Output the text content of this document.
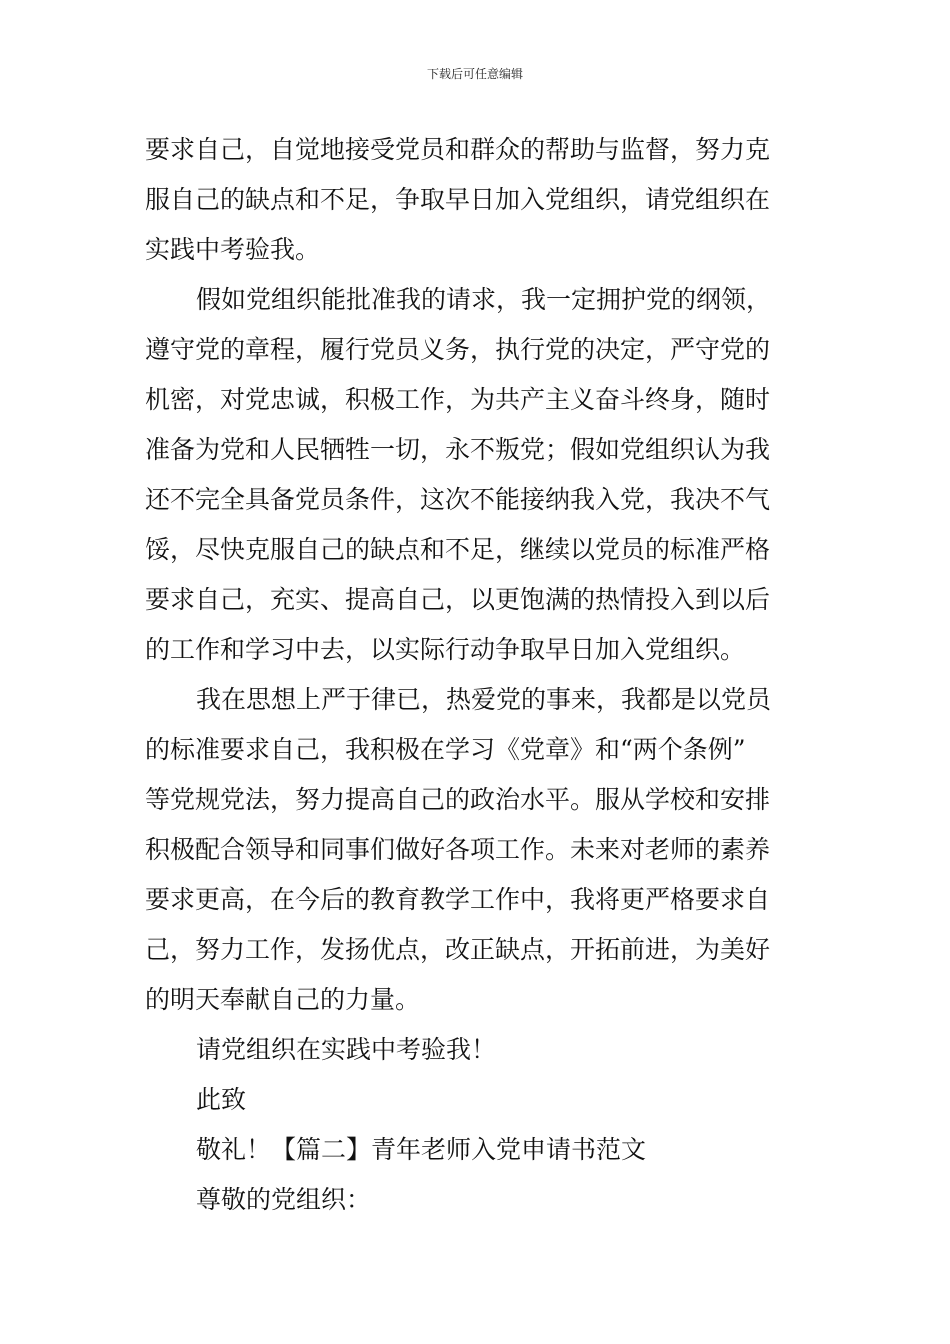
下载后可任意编辑
要求自己，自觉地接受党员和群众的帮助与监督，努力克
服自己的缺点和不足，争取早日加入党组织，请党组织在
实践中考验我。
假如党组织能批准我的请求，我一定拥护党的纲领，
遵守党的章程，履行党员义务，执行党的决定，严守党的
机密，对党忠诚，积极工作，为共产主义奋斗终身，随时
准备为党和人民牺牲一切，永不叛党；假如党组织认为我
还不完全具备党员条件，这次不能接纳我入党，我决不气
馁，尽快克服自己的缺点和不足，继续以党员的标准严格
要求自己，充实、提高自己，以更饱满的热情投入到以后
的工作和学习中去，以实际行动争取早日加入党组织。
我在思想上严于律已，热爱党的事来，我都是以党员
的标准要求自己，我积极在学习《党章》和“两个条例”
等党规党法，努力提高自己的政治水平。服从学校和安排
积极配合领导和同事们做好各项工作。未来对老师的素养
要求更高，在今后的教育教学工作中，我将更严格要求自
己，努力工作，发扬优点，改正缺点，开拓前进，为美好
的明天奉献自己的力量。
请党组织在实践中考验我！
此致
敬礼！【篇二】青年老师入党申请书范文
尊敬的党组织：
